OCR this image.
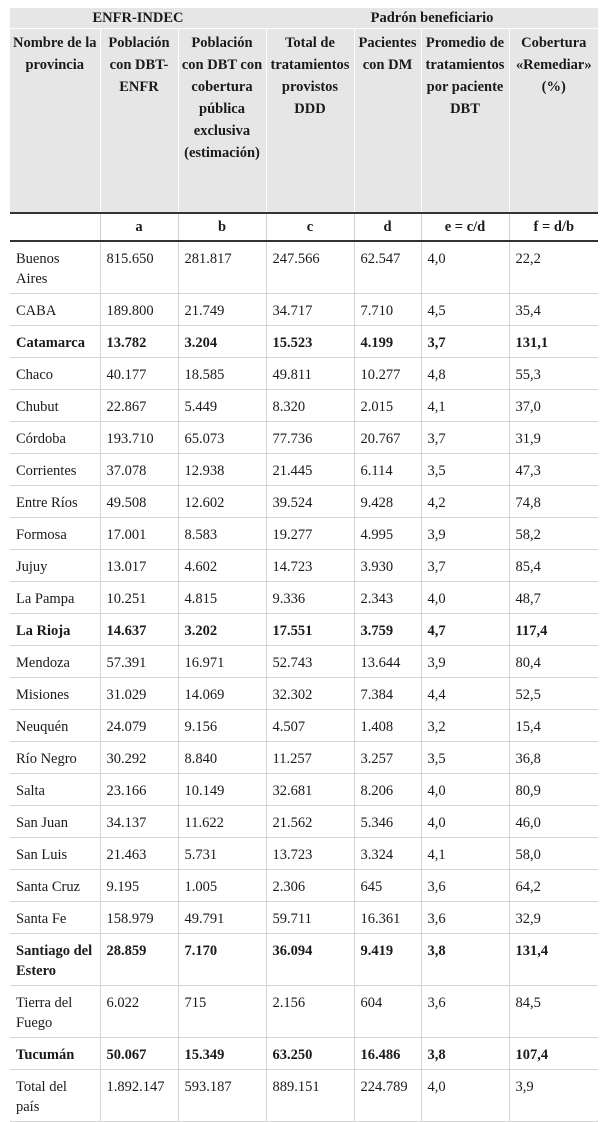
ENFR-INDEC			Padrón beneficiario			
Nombre de la provincia	Población con DBT-ENFR	Población con DBT con cobertura pública exclusiva (estimación)	Total de tratamientos provistos DDD	Pacientes con DM	Promedio de tratamientos por paciente DBT	Cobertura «Remediar» (%)
	a	b	c	d	e = c/d	f = d/b
Buenos Aires	815.650	281.817	247.566	62.547	4,0	22,2
CABA	189.800	21.749	34.717	7.710	4,5	35,4
Catamarca	13.782	3.204	15.523	4.199	3,7	131,1
Chaco	40.177	18.585	49.811	10.277	4,8	55,3
Chubut	22.867	5.449	8.320	2.015	4,1	37,0
Córdoba	193.710	65.073	77.736	20.767	3,7	31,9
Corrientes	37.078	12.938	21.445	6.114	3,5	47,3
Entre Ríos	49.508	12.602	39.524	9.428	4,2	74,8
Formosa	17.001	8.583	19.277	4.995	3,9	58,2
Jujuy	13.017	4.602	14.723	3.930	3,7	85,4
La Pampa	10.251	4.815	9.336	2.343	4,0	48,7
La Rioja	14.637	3.202	17.551	3.759	4,7	117,4
Mendoza	57.391	16.971	52.743	13.644	3,9	80,4
Misiones	31.029	14.069	32.302	7.384	4,4	52,5
Neuquén	24.079	9.156	4.507	1.408	3,2	15,4
Río Negro	30.292	8.840	11.257	3.257	3,5	36,8
Salta	23.166	10.149	32.681	8.206	4,0	80,9
San Juan	34.137	11.622	21.562	5.346	4,0	46,0
San Luis	21.463	5.731	13.723	3.324	4,1	58,0
Santa Cruz	9.195	1.005	2.306	645	3,6	64,2
Santa Fe	158.979	49.791	59.711	16.361	3,6	32,9
Santiago del Estero	28.859	7.170	36.094	9.419	3,8	131,4
Tierra del Fuego	6.022	715	2.156	604	3,6	84,5
Tucumán	50.067	15.349	63.250	16.486	3,8	107,4
Total del país	1.892.147	593.187	889.151	224.789	4,0	3,9
